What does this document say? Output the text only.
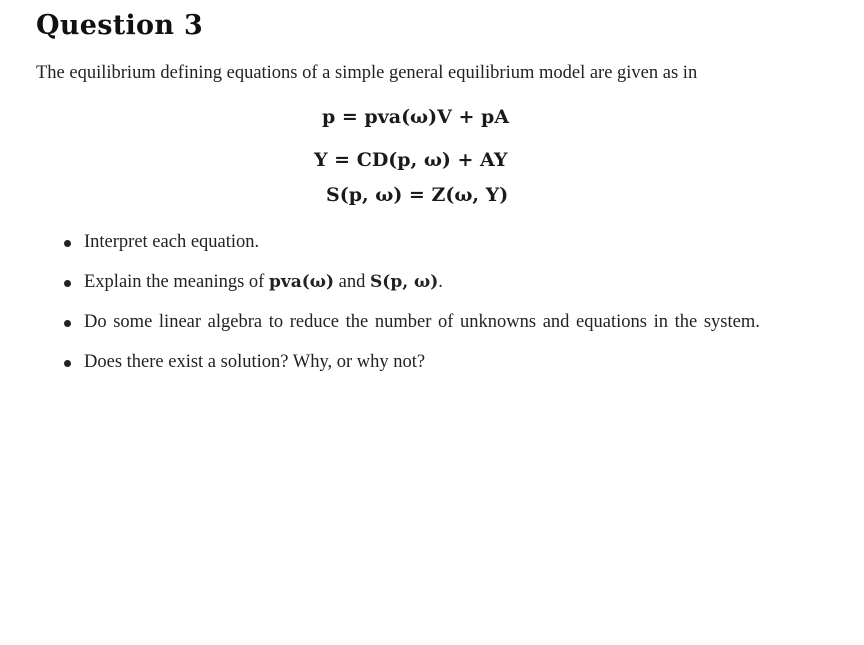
Question 3
The equilibrium defining equations of a simple general equilibrium model are given as in
p = pva(ω)V + pA
Y = CD(p, ω) + AY
S(p, ω) = Z(ω, Y)
Interpret each equation.
Explain the meanings of pva(ω) and S(p, ω).
Do some linear algebra to reduce the number of unknowns and equations in the system.
Does there exist a solution? Why, or why not?
